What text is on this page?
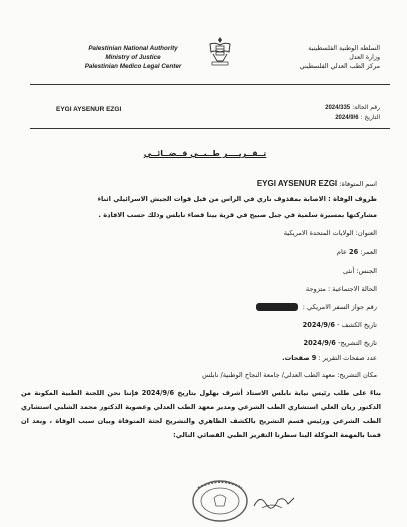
Palestinian National Authority
Ministry of Justice
Palestinian Medico Legal Center
السلطة الوطنية الفلسطينية
وزارة العدل
مركز الطب العدلي الفلسطيني
EYGI AYSENUR EZGI	رقم الحالة: 2024/335
التاريخ : 2024/9/6
تــقــريــــر طــبــي قــضــائــي
اسم المتوفاة: EYGI AYSENUR EZGI
ظروف الوفاة : الاصابة بمقذوف ناري في الراس من قبل قوات الجيش الاسرائيلي اثناء
مشاركتها بمسيرة سلمية في جبل صبيح في قرية بيتا قضاء نابلس وذلك حسب الافادة .
العنوان: الولايات المتحدة الامريكية
العمر: 26 عام
الجنس: أنثى
الحالة الاجتماعية : متزوجة
رقم جواز السفر الامريكي :
تاريخ الكشف - 2024/9/6
تاريخ التشريح- 2024/9/6
عدد صفحات التقرير : 9 صفحات.
مكان التشريح: معهد الطب العدلي/ جامعة النجاح الوطنية/ نابلس
بناءً على طلب رئيس نيابة نابلس الاستاذ أشرف بهلول بتاريخ 2024/9/6 فإننا نحن اللجنة الطبية المكونة من الدكتور ريان العلي استشاري الطب الشرعي ومدير معهد الطب العدلي وعضوية الدكتور محمد الشلبي استشاري الطب الشرعي ورئيس قسم التشريح بالكشف الظاهري والتشريح لجثة المتوفاة وبيان سبب الوفاة ، وبعد ان قمنا بالمهمة الموكلة الينا سطرنا التقرير الطبي القضائي التالي:
